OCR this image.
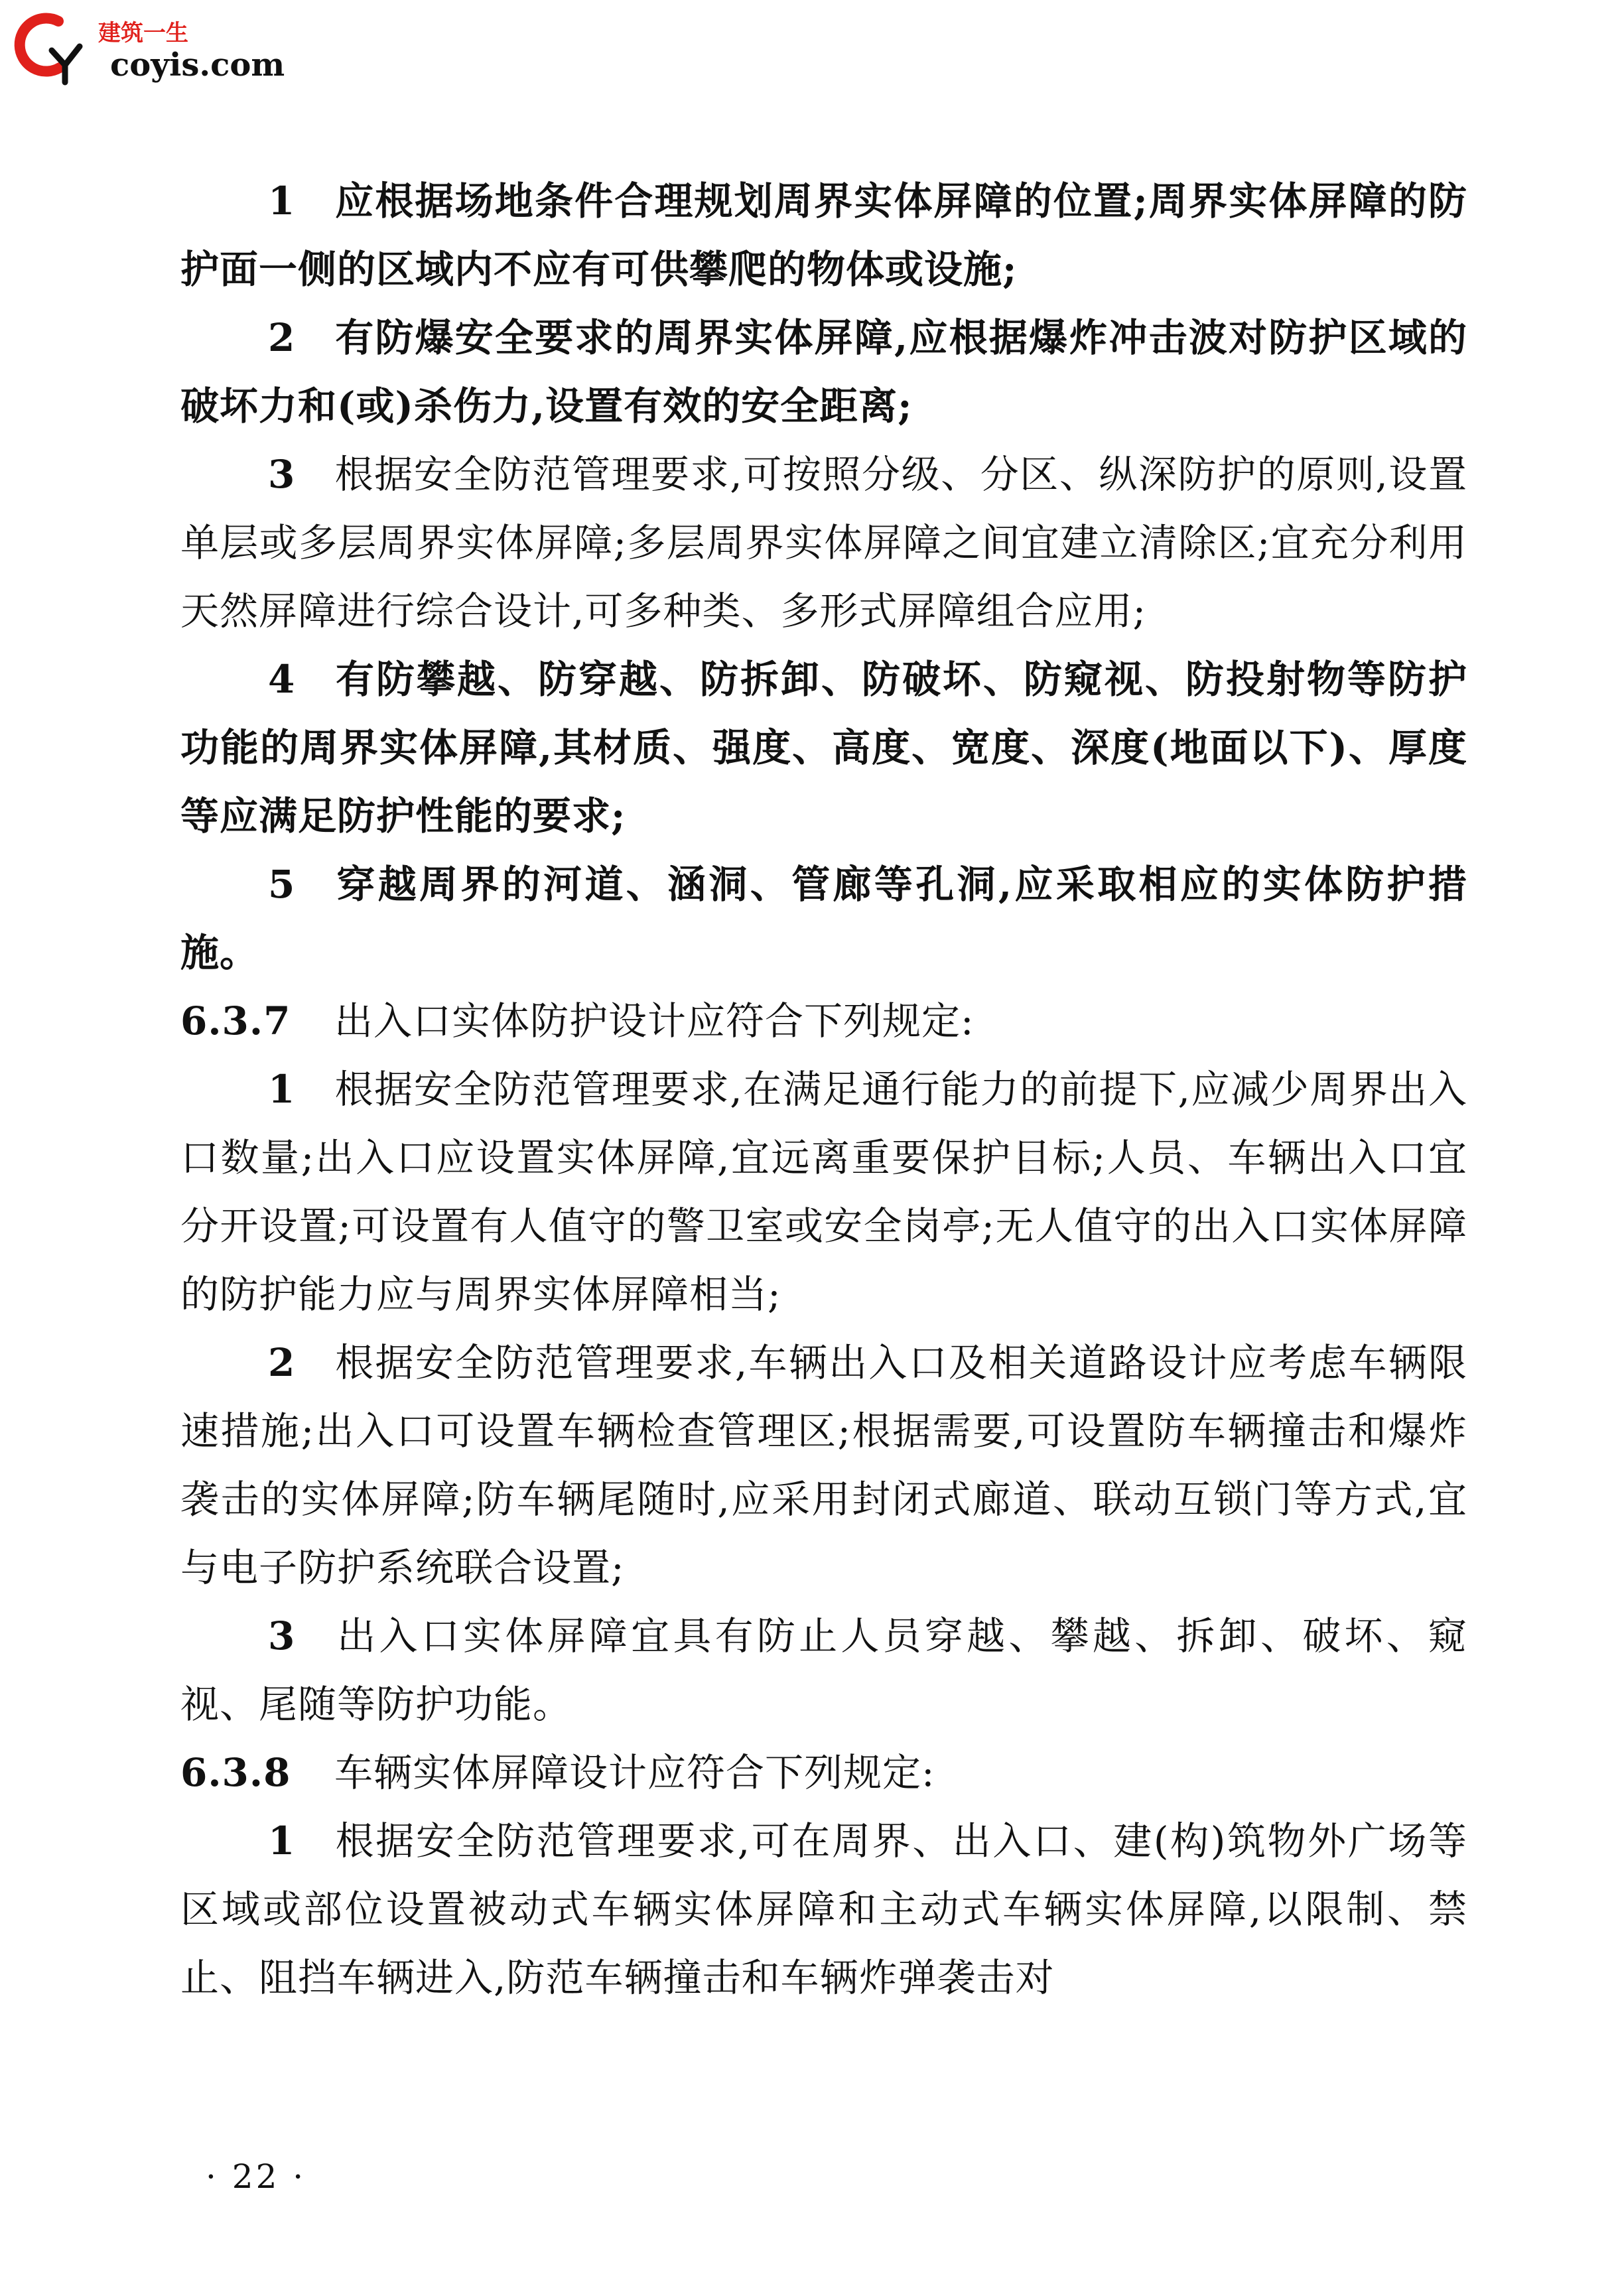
建筑一生
coyis.com

1 应根据场地条件合理规划周界实体屏障的位置;周界实体屏障的防护面一侧的区域内不应有可供攀爬的物体或设施;

2 有防爆安全要求的周界实体屏障,应根据爆炸冲击波对防护区域的破坏力和(或)杀伤力,设置有效的安全距离;

3 根据安全防范管理要求,可按照分级、分区、纵深防护的原则,设置单层或多层周界实体屏障;多层周界实体屏障之间宜建立清除区;宜充分利用天然屏障进行综合设计,可多种类、多形式屏障组合应用;

4 有防攀越、防穿越、防拆卸、防破坏、防窥视、防投射物等防护功能的周界实体屏障,其材质、强度、高度、宽度、深度(地面以下)、厚度等应满足防护性能的要求;

5 穿越周界的河道、涵洞、管廊等孔洞,应采取相应的实体防护措施。

6.3.7 出入口实体防护设计应符合下列规定:

1 根据安全防范管理要求,在满足通行能力的前提下,应减少周界出入口数量;出入口应设置实体屏障,宜远离重要保护目标;人员、车辆出入口宜分开设置;可设置有人值守的警卫室或安全岗亭;无人值守的出入口实体屏障的防护能力应与周界实体屏障相当;

2 根据安全防范管理要求,车辆出入口及相关道路设计应考虑车辆限速措施;出入口可设置车辆检查管理区;根据需要,可设置防车辆撞击和爆炸袭击的实体屏障;防车辆尾随时,应采用封闭式廊道、联动互锁门等方式,宜与电子防护系统联合设置;

3 出入口实体屏障宜具有防止人员穿越、攀越、拆卸、破坏、窥视、尾随等防护功能。

6.3.8 车辆实体屏障设计应符合下列规定:

1 根据安全防范管理要求,可在周界、出入口、建(构)筑物外广场等区域或部位设置被动式车辆实体屏障和主动式车辆实体屏障,以限制、禁止、阻挡车辆进入,防范车辆撞击和车辆炸弹袭击对

· 22 ·
